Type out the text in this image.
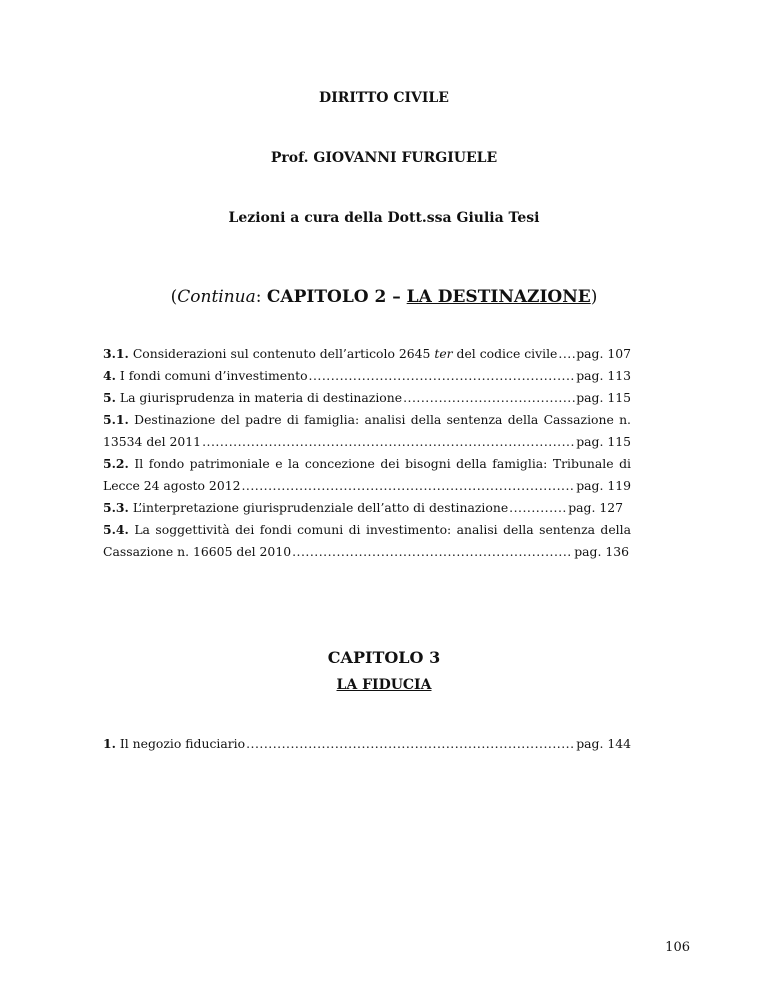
DIRITTO CIVILE
Prof. GIOVANNI FURGIUELE
Lezioni a cura della Dott.ssa Giulia Tesi
(Continua: CAPITOLO 2 – LA DESTINAZIONE)
3.1. Considerazioni sul contenuto dell’articolo 2645 ter del codice civile ..... pag. 107
4. I fondi comuni d’investimento .....	pag. 113
5. La giurisprudenza in materia di destinazione .....	pag. 115
5.1. Destinazione del padre di famiglia: analisi della sentenza della Cassazione n.
13534 del 2011 .....	pag. 115
5.2. Il fondo patrimoniale e la concezione dei bisogni della famiglia: Tribunale di
Lecce 24 agosto 2012 .....	pag. 119
5.3. L’interpretazione giurisprudenziale dell’atto di destinazione .....	pag. 127
5.4. La soggettività dei fondi comuni di investimento: analisi della sentenza della
Cassazione n. 16605 del 2010 .....	pag. 136
CAPITOLO 3
LA FIDUCIA
1. Il negozio fiduciario .....	pag. 144
106
